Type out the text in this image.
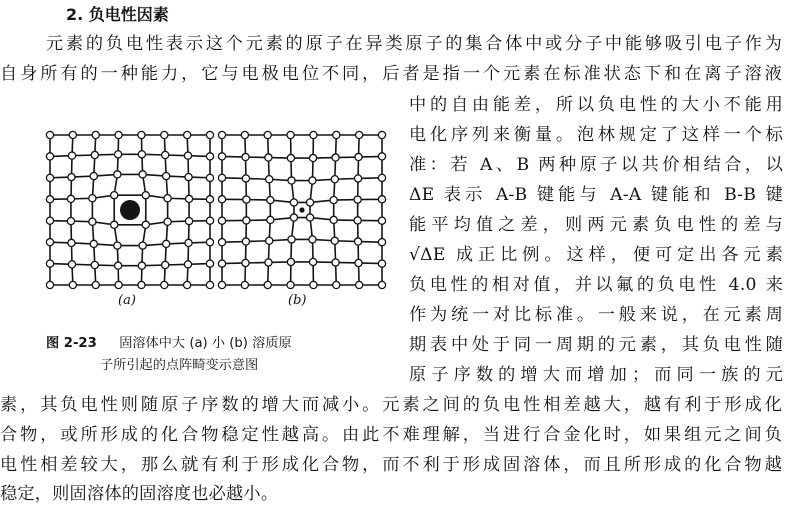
2. 负电性因素
元素的负电性表示这个元素的原子在异类原子的集合体中或分子中能够吸引电子作为
自身所有的一种能力，它与电极电位不同，后者是指一个元素在标准状态下和在离子溶液
中的自由能差，所以负电性的大小不能用
电化序列来衡量。泡林规定了这样一个标
准：若 A、B 两种原子以共价相结合，以
ΔE 表示 A-B 键能与 A-A 键能和 B-B 键
能平均值之差，则两元素负电性的差与
√ΔE 成正比例。这样，便可定出各元素
负电性的相对值，并以氟的负电性 4.0 来
作为统一对比标准。一般来说，在元素周
期表中处于同一周期的元素，其负电性随
原子序数的增大而增加；而同一族的元
素，其负电性则随原子序数的增大而减小。元素之间的负电性相差越大，越有利于形成化
合物，或所形成的化合物稳定性越高。由此不难理解，当进行合金化时，如果组元之间负
电性相差较大，那么就有利于形成化合物，而不利于形成固溶体，而且所形成的化合物越
稳定，则固溶体的固溶度也必越小。
(a)	(b)
图 2-23 固溶体中大 (a) 小 (b) 溶质原
子所引起的点阵畸变示意图
